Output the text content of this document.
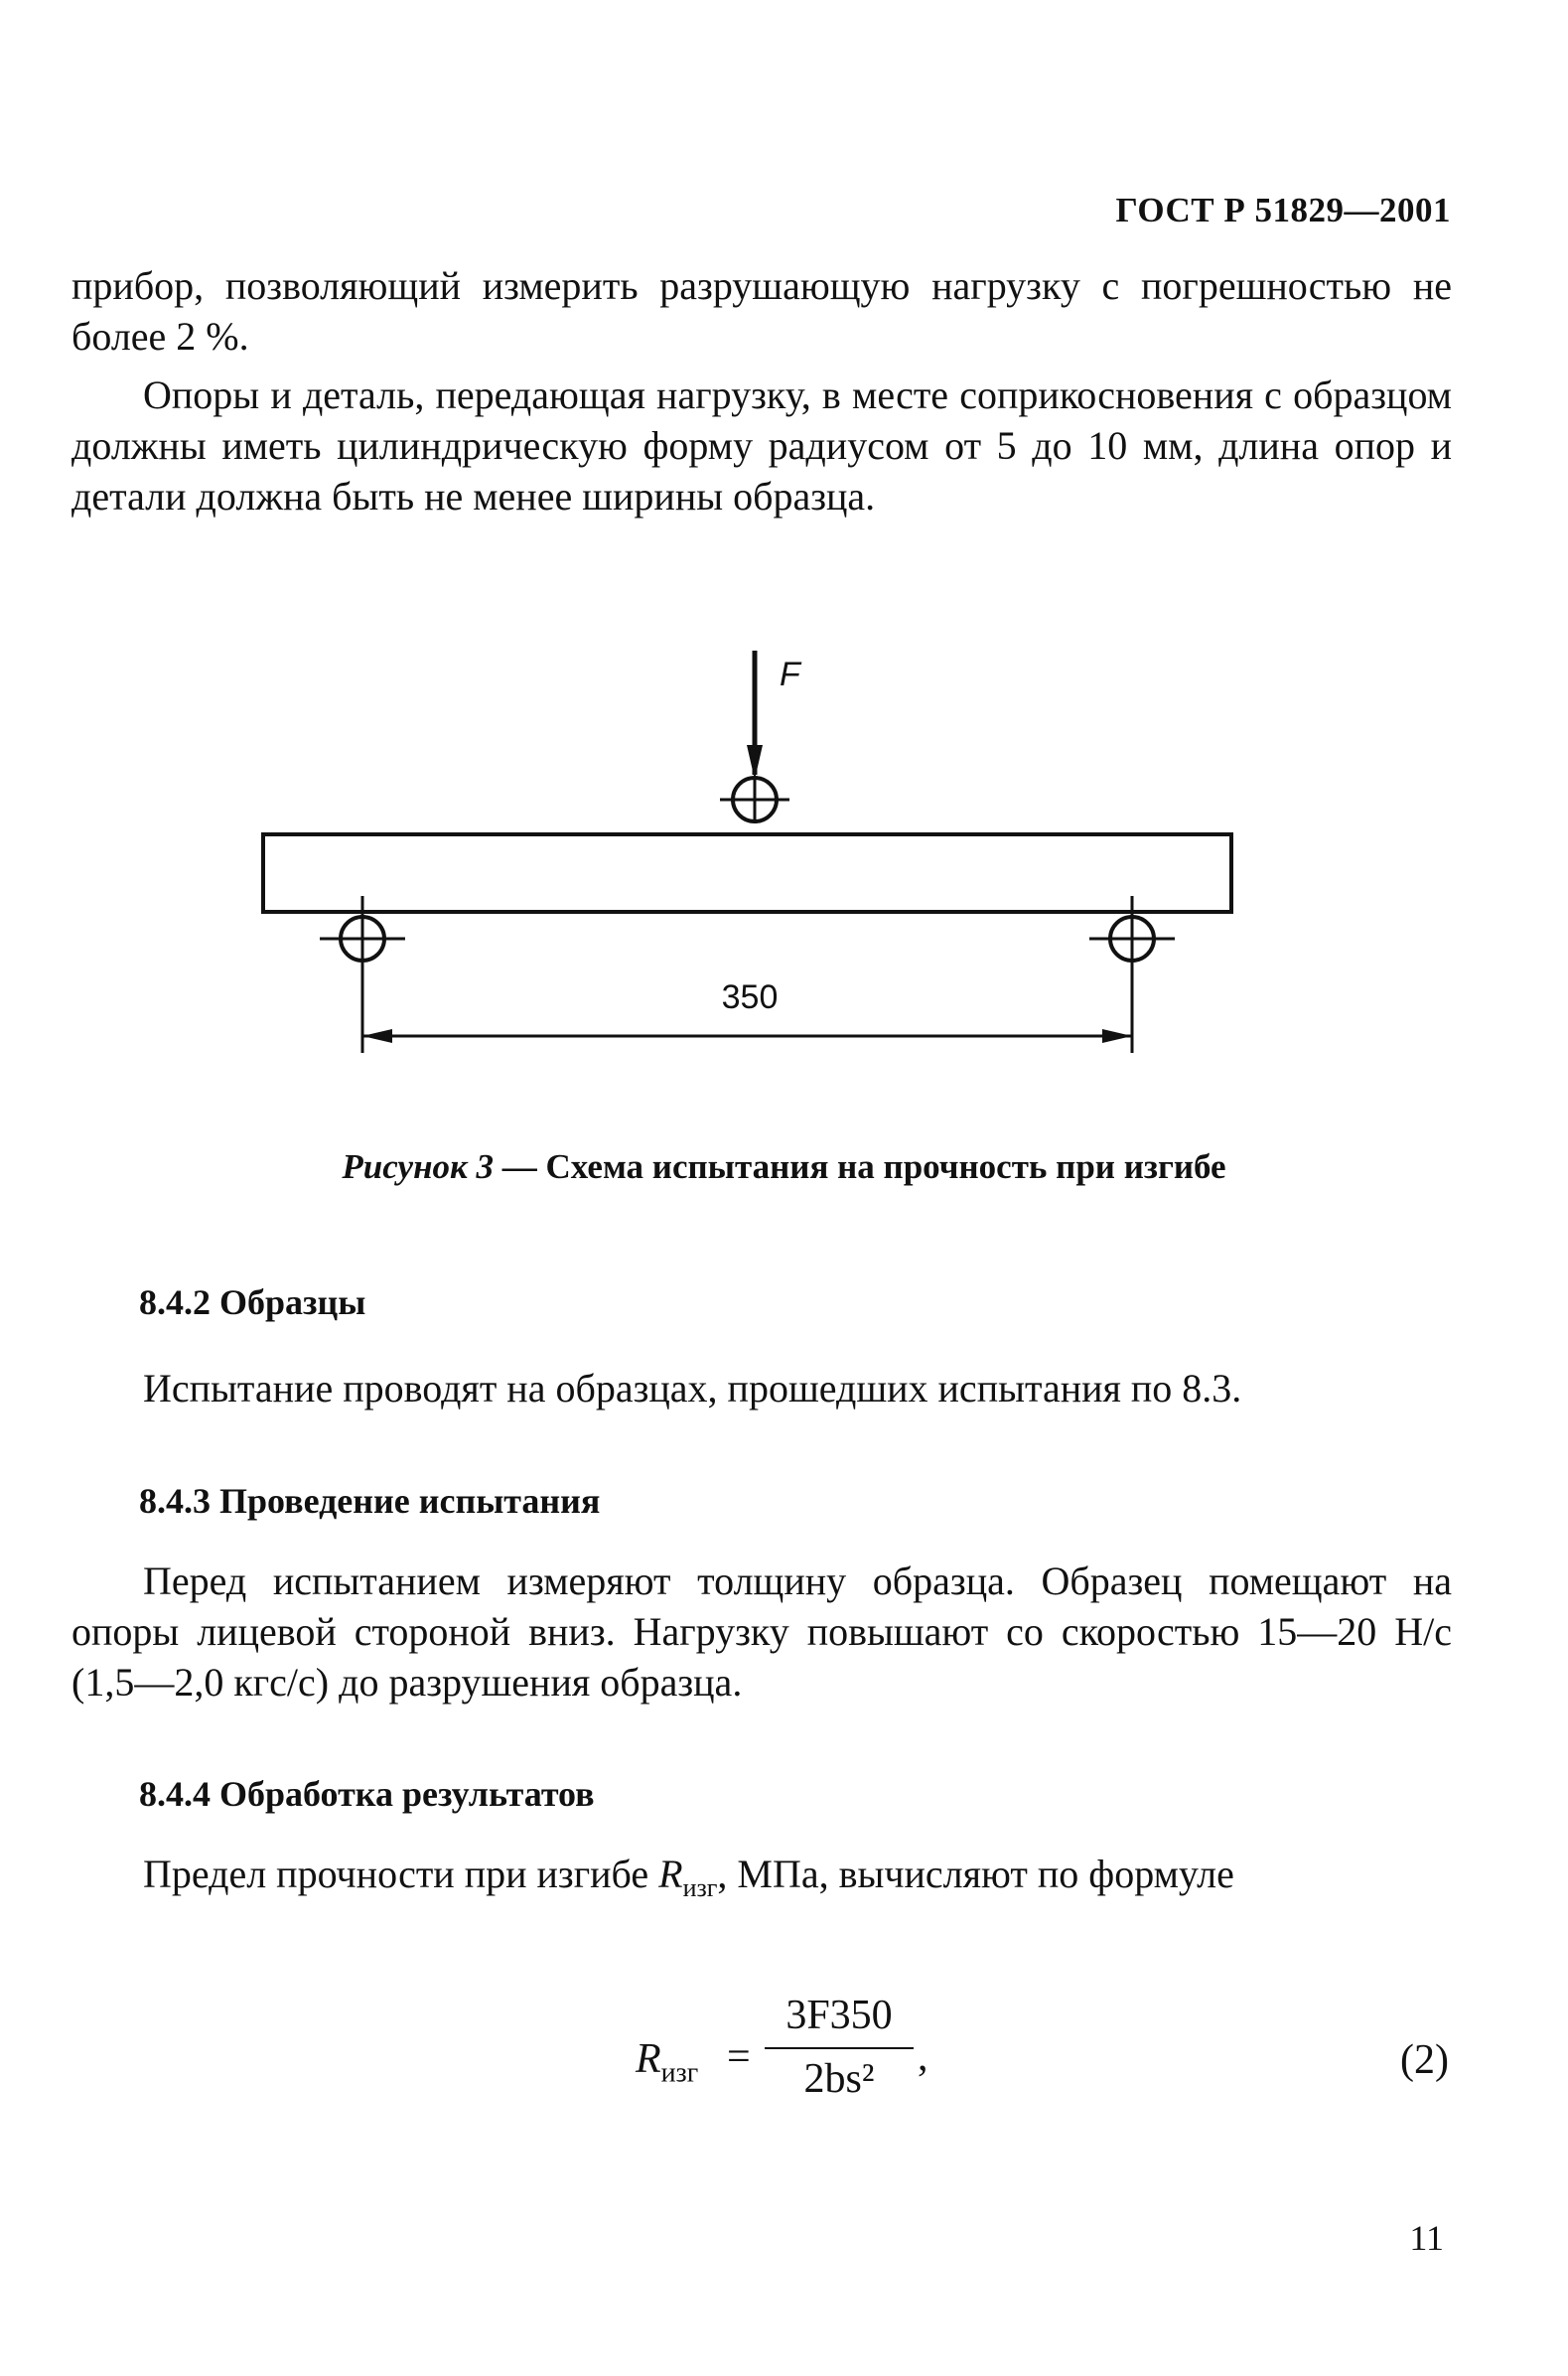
ГОСТ Р 51829—2001
прибор, позволяющий измерить разрушающую нагрузку с погрешностью не более 2 %.
Опоры и деталь, передающая нагрузку, в месте соприкосновения с образцом должны иметь цилиндрическую форму радиусом от 5 до 10 мм, длина опор и детали должна быть не менее ширины образца.
F
350
Рисунок 3 — Схема испытания на прочность при изгибе
8.4.2 Образцы
Испытание проводят на образцах, прошедших испытания по 8.3.
8.4.3 Проведение испытания
Перед испытанием измеряют толщину образца. Образец помещают на опоры лицевой стороной вниз. Нагрузку повышают со скоростью 15—20 Н/с (1,5—2,0 кгс/с) до разрушения образца.
8.4.4 Обработка результатов
Предел прочности при изгибе $R_{изг}$, МПа, вычисляют по формуле
$R_{изг}$ =
3F350
2bs²	,	(2)
11
